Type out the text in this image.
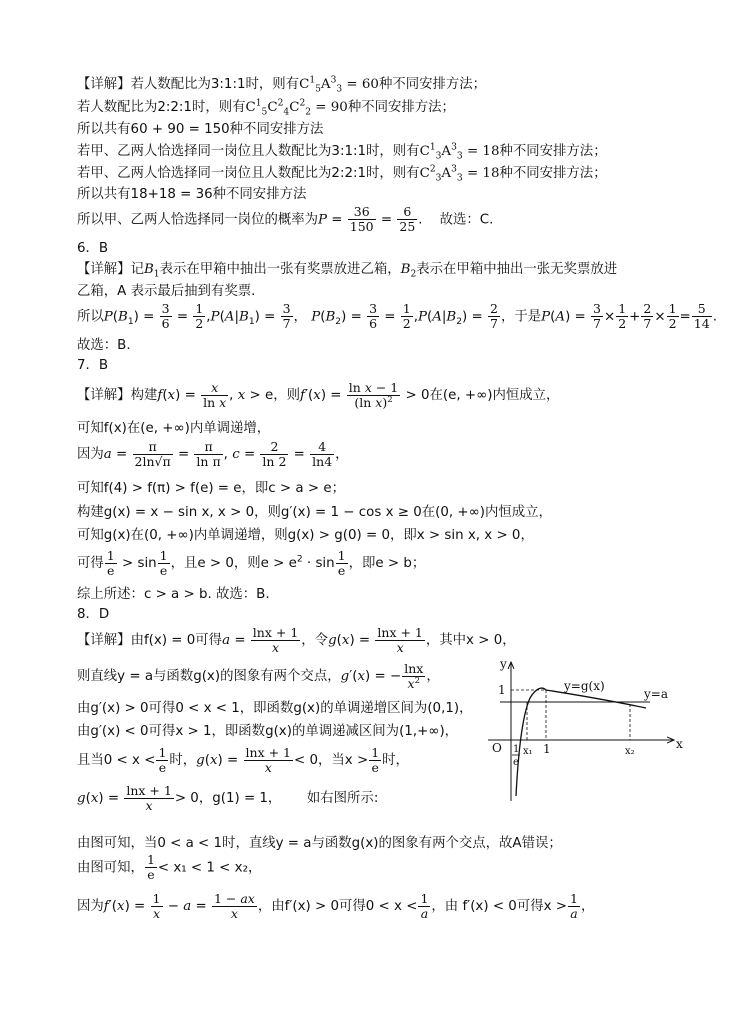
【详解】若人数配比为3:1:1时，则有$C^1_5A^3_3 = 60$种不同安排方法；
若人数配比为2:2:1时，则有$C^1_5C^2_4C^2_2 = 90$种不同安排方法；
所以共有60 + 90 = 150种不同安排方法
若甲、乙两人恰选择同一岗位且人数配比为3:1:1时，则有$C^1_3A^3_3 = 18$种不同安排方法；
若甲、乙两人恰选择同一岗位且人数配比为2:2:1时，则有$C^2_3A^3_3 = 18$种不同安排方法；
所以共有18+18 = 36种不同安排方法
所以甲、乙两人恰选择同一岗位的概率为$P = \frac{36}{150} = \frac{6}{25}$ .    故选：C.
6．B
【详解】记$B_1$表示在甲箱中抽出一张有奖票放进乙箱，$B_2$表示在甲箱中抽出一张无奖票放进
乙箱，A 表示最后抽到有奖票.
所以$P(B_1) = \frac{3}{6} = \frac{1}{2} ,P(A|B_1) = \frac{3}{7}$ ， $P(B_2) = \frac{3}{6} = \frac{1}{2} ,P(A|B_2) = \frac{2}{7}$ ，于是$P(A) = \frac{3}{7} \times \frac{1}{2} + \frac{2}{7} \times \frac{1}{2} = \frac{5}{14}$ .
故选：B.
7．B
【详解】构建$f(x) = \frac{x}{\text{ln x}}$ , x > e，则$f'(x) = \frac{\text{ln x − 1}}{(\ln x)^2} > 0$在(e, +∞)内恒成立，
可知f(x)在(e, +∞)内单调递增，
因为$a = \frac{\pi}{2\ln√\pi} = \frac{\pi}{\text{ln π}}$ , $c = \frac{2}{\ln 2} = \frac{4}{\ln 4}$ ，
可知f(4) > f(π) > f(e) = e，即c > a > e；
构建g(x) = x − sin x, x > 0，则g′(x) = 1 − cos x ≥ 0在(0, +∞)内恒成立，
可知g(x)在(0, +∞)内单调递增，则g(x) > g(0) = 0，即x > sin x, x > 0，
可得 $\frac{1}{e} > \sin \frac{1}{e}$ ，且e > 0，则$e > e^2 \cdot \sin \frac{1}{e}$ ，即e > b；
综上所述：c > a > b. 故选：B.
8．D
【详解】由f(x) = 0可得$a = \frac{\ln x + 1}{x}$ ，令$g(x) = \frac{\ln x + 1}{x}$ ，其中x > 0，
则直线y = a与函数g(x)的图象有两个交点，g′(x) = − $\frac{\ln x}{x^2}$ ，
由g′(x) > 0可得0 < x < 1，即函数g(x)的单调递增区间为(0,1)，
由g′(x) < 0可得x > 1，即函数g(x)的单调递减区间为(1,+∞)，
且当$0 < x < \frac{1}{e}$ 时，$g(x) = \frac{\ln x + 1}{x} < 0$，当$x > \frac{1}{e}$ 时，
$g(x) = \frac{\ln x + 1}{x} > 0$，g(1) = 1， 如右图所示:
由图可知，当0 < a < 1时，直线y = a与函数g(x)的图象有两个交点，故A错误；
由图可知， $\frac{1}{e} < x_1 < 1 < x_2$，
因为$f'(x) = \frac{1}{x} - a = \frac{1 - ax}{x}$ ，由f′(x) > 0可得$0 < x < \frac{1}{a}$ ，由 f′(x) < 0可得$x > \frac{1}{a}$ ，
y
x
O
1
1
x₁	x₂
y=g(x)
y=a
1
e
